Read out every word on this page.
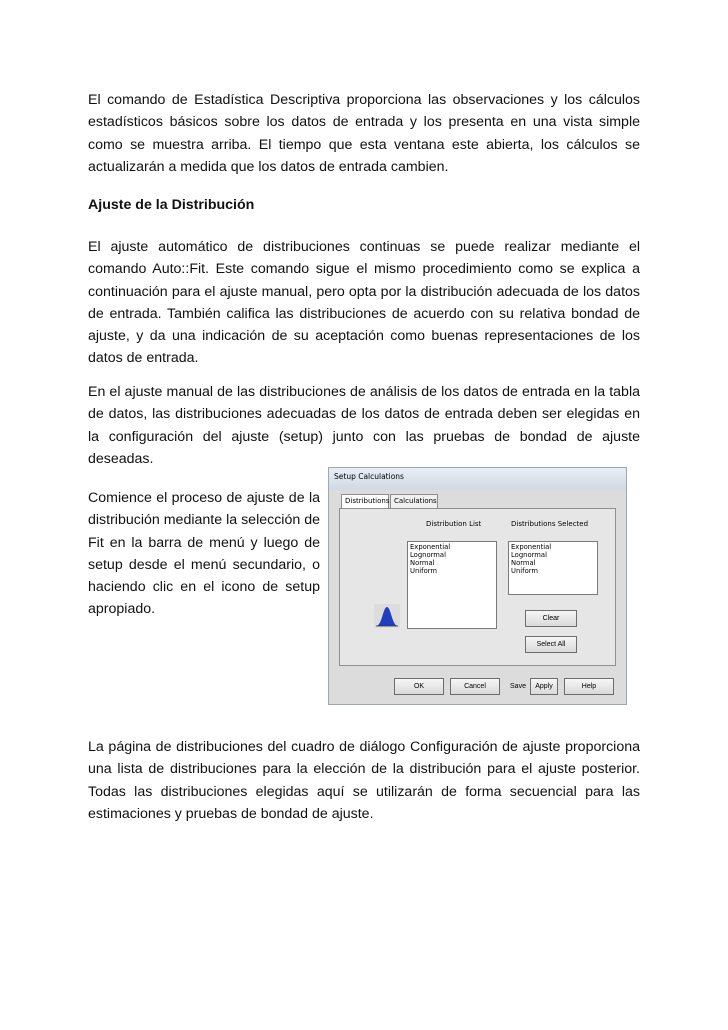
El comando de Estadística Descriptiva proporciona las observaciones y los cálculos estadísticos básicos sobre los datos de entrada y los presenta en una vista simple como se muestra arriba. El tiempo que esta ventana este abierta, los cálculos se actualizarán a medida que los datos de entrada cambien.

Ajuste de la Distribución

El ajuste automático de distribuciones continuas se puede realizar mediante el comando Auto::Fit. Este comando sigue el mismo procedimiento como se explica a continuación para el ajuste manual, pero opta por la distribución adecuada de los datos de entrada. También califica las distribuciones de acuerdo con su relativa bondad de ajuste, y da una indicación de su aceptación como buenas representaciones de los datos de entrada.

En el ajuste manual de las distribuciones de análisis de los datos de entrada en la tabla de datos, las distribuciones adecuadas de los datos de entrada deben ser elegidas en la configuración del ajuste (setup) junto con las pruebas de bondad de ajuste deseadas.

Comience el proceso de ajuste de la distribución mediante la selección de Fit en la barra de menú y luego de setup desde el menú secundario, o haciendo clic en el icono de setup apropiado.

Setup Calculations
Distributions Calculations
Distribution List	Distributions Selected
Exponential
Lognormal
Normal
Uniform
Exponential
Lognormal
Normal
Uniform
Clear
Select All
OK	Cancel	Save	Apply	Help

La página de distribuciones del cuadro de diálogo Configuración de ajuste proporciona una lista de distribuciones para la elección de la distribución para el ajuste posterior. Todas las distribuciones elegidas aquí se utilizarán de forma secuencial para las estimaciones y pruebas de bondad de ajuste.
